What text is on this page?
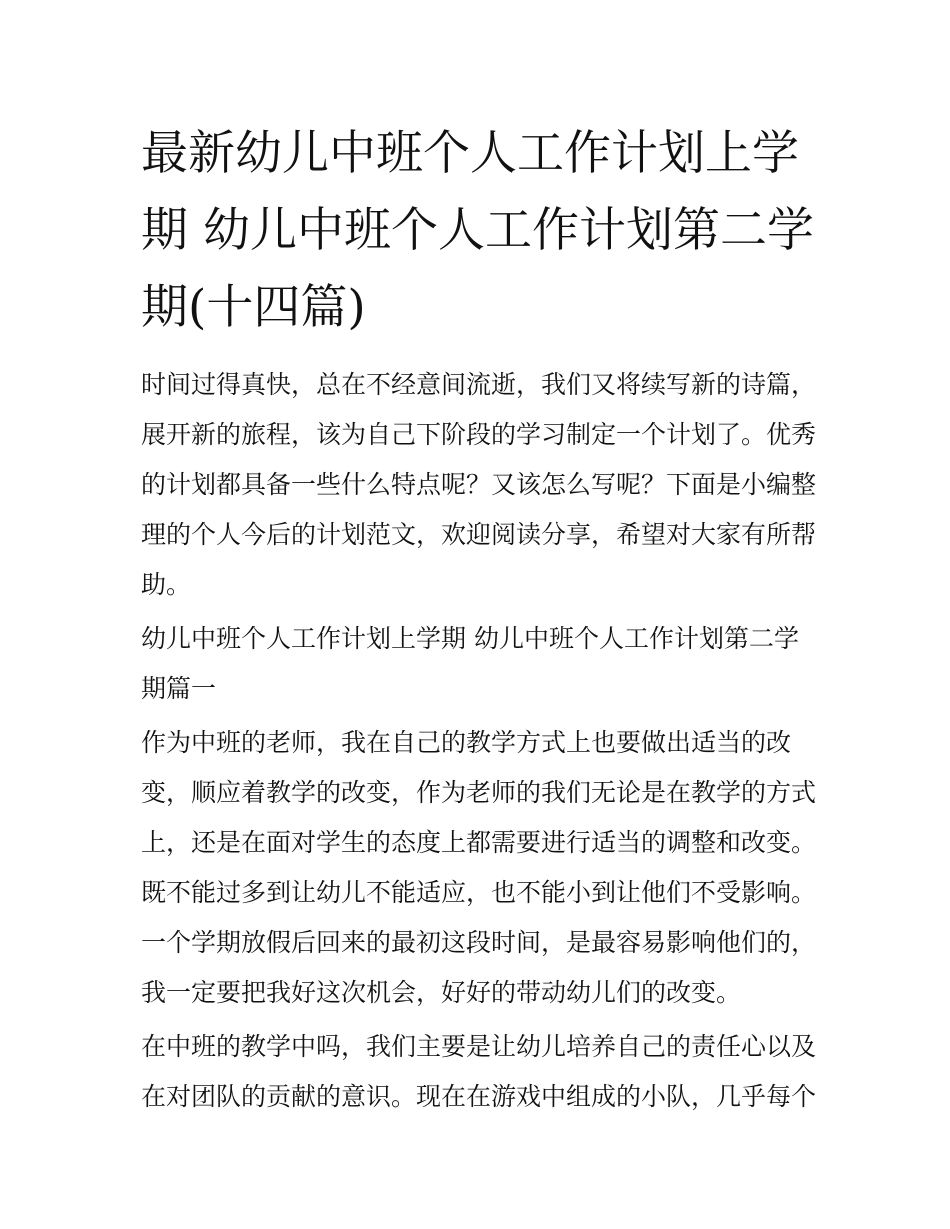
最新幼儿中班个人工作计划上学期 幼儿中班个人工作计划第二学期(十四篇)

时间过得真快，总在不经意间流逝，我们又将续写新的诗篇，展开新的旅程，该为自己下阶段的学习制定一个计划了。优秀的计划都具备一些什么特点呢？又该怎么写呢？下面是小编整理的个人今后的计划范文，欢迎阅读分享，希望对大家有所帮助。

幼儿中班个人工作计划上学期 幼儿中班个人工作计划第二学期篇一

作为中班的老师，我在自己的教学方式上也要做出适当的改变，顺应着教学的改变，作为老师的我们无论是在教学的方式上，还是在面对学生的态度上都需要进行适当的调整和改变。既不能过多到让幼儿不能适应，也不能小到让他们不受影响。一个学期放假后回来的最初这段时间，是最容易影响他们的，我一定要把我好这次机会，好好的带动幼儿们的改变。

在中班的教学中吗，我们主要是让幼儿培养自己的责任心以及在对团队的贡献的意识。现在在游戏中组成的小队，几乎每个
